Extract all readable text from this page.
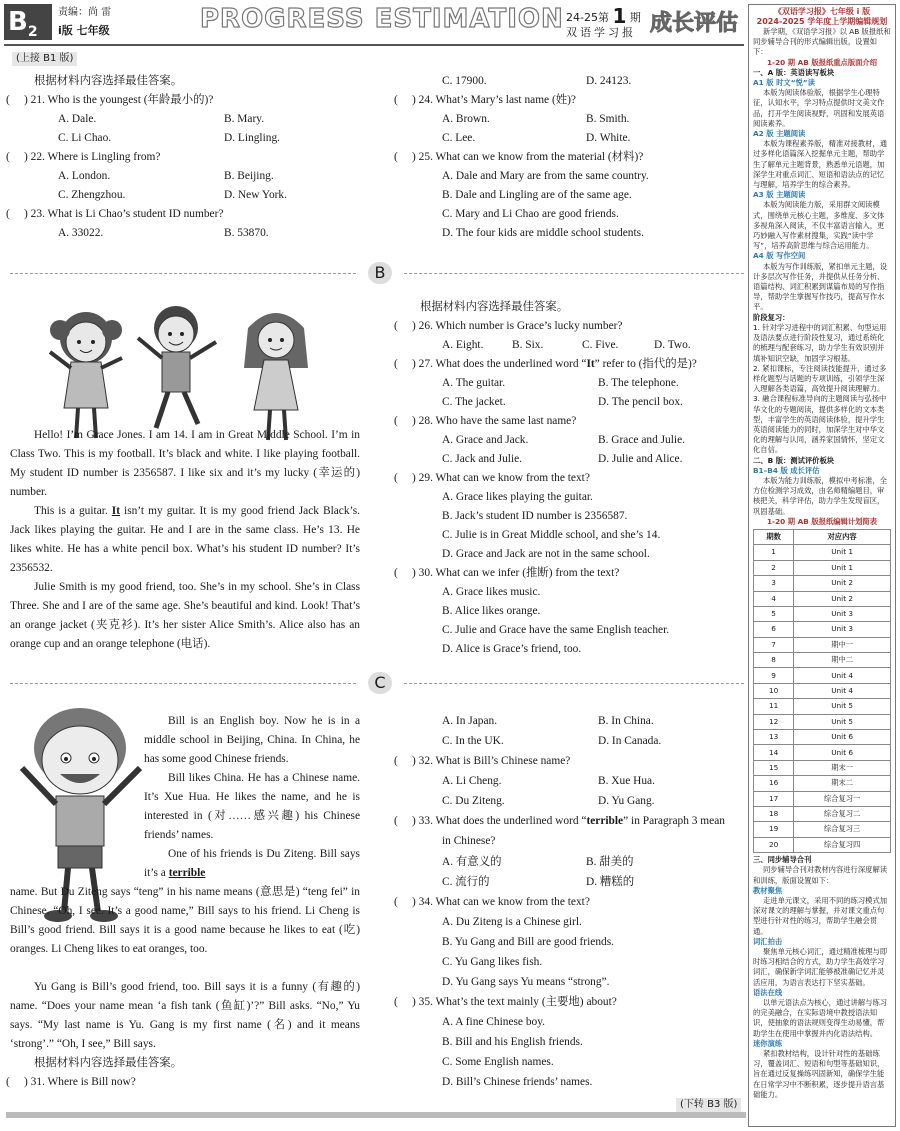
$B_2$
责编：尚 雷
i版 七年级	PROGRESS ESTIMATION 24-25第 1 期
双语学习报 成长评估
(上接 B1 版)
根据材料内容选择最佳答案。
(　 ) 21. Who is the youngest (年龄最小的)?
A. Dale.	B. Mary.
C. Li Chao.	D. Lingling.
(　 ) 22. Where is Lingling from?
A. London.	B. Beijing.
C. Zhengzhou.	D. New York.
(　 ) 23. What is Li Chao’s student ID number?
A. 33022.	B. 53870.
C. 17900.	D. 24123.
(　 ) 24. What’s Mary’s last name (姓)?
A. Brown.	B. Smith.
C. Lee.	D. White.
(　 ) 25. What can we know from the material (材料)?
A. Dale and Mary are from the same country.
B. Dale and Lingling are of the same age.
C. Mary and Li Chao are good friends.
D. The four kids are middle school students.
B
Hello! I’m Grace Jones. I am 14. I am in Great Middle School. I’m in Class Two. This is my football. It’s black and white. I like playing football. My student ID number is 2356587. I like six and it’s my lucky (幸运的) number.
This is a guitar. It isn’t my guitar. It is my good friend Jack Black’s. Jack likes playing the guitar. He and I are in the same class. He’s 13. He likes white. He has a white pencil box. What’s his student ID number? It’s 2356532.
Julie Smith is my good friend, too. She’s in my school. She’s in Class Three. She and I are of the same age. She’s beautiful and kind. Look! That’s an orange jacket (夹克衫). It’s her sister Alice Smith’s. Alice also has an orange cup and an orange telephone (电话).
根据材料内容选择最佳答案。
(　 ) 26. Which number is Grace’s lucky number?
A. Eight.	B. Six.	C. Five.	D. Two.
(　 ) 27. What does the underlined word “It” refer to (指代的是)?
A. The guitar.	B. The telephone.
C. The jacket.	D. The pencil box.
(　 ) 28. Who have the same last name?
A. Grace and Jack.	B. Grace and Julie.
C. Jack and Julie.	D. Julie and Alice.
(　 ) 29. What can we know from the text?
A. Grace likes playing the guitar.
B. Jack’s student ID number is 2356587.
C. Julie is in Great Middle school, and she’s 14.
D. Grace and Jack are not in the same school.
(　 ) 30. What can we infer (推断) from the text?
A. Grace likes music.
B. Alice likes orange.
C. Julie and Grace have the same English teacher.
D. Alice is Grace’s friend, too.
C
Bill is an English boy. Now he is in a middle school in Beijing, China. In China, he has some good Chinese friends.
Bill likes China. He has a Chinese name. It’s Xue Hua. He likes the name, and he is interested in (对……感兴趣) his Chinese friends’ names.
One of his friends is Du Ziteng. Bill says it’s a terrible
name. But Du Ziteng says “teng” in his name means (意思是) “teng fei” in Chinese. “Oh, I see. It’s a good name,” Bill says to his friend. Li Cheng is Bill’s good friend. Bill says it is a good name because he likes to eat (吃) oranges. Li Cheng likes to eat oranges, too.
Yu Gang is Bill’s good friend, too. Bill says it is a funny (有趣的) name. “Does your name mean ‘a fish tank (鱼缸)’?” Bill asks. “No,” Yu says. “My last name is Yu. Gang is my first name (名) and it means ‘strong’.” “Oh, I see,” Bill says.
根据材料内容选择最佳答案。
(　 ) 31. Where is Bill now?
A. In Japan.	B. In China.
C. In the UK.	D. In Canada.
(　 ) 32. What is Bill’s Chinese name?
A. Li Cheng.	B. Xue Hua.
C. Du Ziteng.	D. Yu Gang.
(　 ) 33. What does the underlined word “terrible” in Paragraph 3 mean
in Chinese?
A. 有意义的	B. 甜美的
C. 流行的	D. 糟糕的
(　 ) 34. What can we know from the text?
A. Du Ziteng is a Chinese girl.
B. Yu Gang and Bill are good friends.
C. Yu Gang likes fish.
D. Yu Gang says Yu means “strong”.
(　 ) 35. What’s the text mainly (主要地) about?
A. A fine Chinese boy.
B. Bill and his English friends.
C. Some English names.
D. Bill’s Chinese friends’ names.
(下转 B3 版)
《双语学习报》七年级 i 版
2024-2025 学年度上学期编辑规划
新学期，《双语学习报》以 AB 版报纸和同步辅导合刊的形式编辑出版，设置如下：
1-20 期 AB 版报纸重点版面介绍
一、A 版：英语读写板块
A1 版 时文“悦”读
本版为阅读体验版，根据学生心理特征，认知水平，学习特点提供时文美文作品，打开学生阅读视野，巩固和发展英语阅读素养。
A2 版 主题阅读
本版为课程素养版，精准对接教材，通过多样化语篇深入挖掘单元主题，帮助学生了解单元主题背景，熟悉单元语题，加深学生对重点词汇、短语和语法点的记忆与理解，培养学生的综合素养。
A3 版 主题阅读
本版为阅读能力版，采用群文阅读模式，围绕单元核心主题，多维度、多文体多视角深入阅读，不仅丰富语言输入，更巧妙融入写作素材搜集，实践“读中学写”，培养高阶思维与综合运用能力。
A4 版 写作空间
本版为写作训练版，紧扣单元主题，设计多层次写作任务，并提供从任务分析、语篇结构、词汇积累到谋篇布局的写作指导，帮助学生掌握写作技巧，提高写作水平。
阶段复习：
1. 针对学习进程中的词汇积累、句型运用及语法要点进行阶段性复习，通过系统化的梳理与配套练习，助力学生有效识别并填补知识空缺，加固学习根基。
2. 紧扣课标，专注阅读技能提升，通过多样化题型与话题的专项训练，引领学生深入理解各类语篇，高效提升阅读理解力。
3. 融合课程标准导向的主题阅读与弘扬中华文化的专题阅读，提供多样化的文本类型，丰富学生的英语阅读体验，提升学生英语阅读能力的同时，加深学生对中华文化的理解与认同，涵养家国情怀，坚定文化自信。
二、B 版：测试评价板块
B1–B4 版 成长评估
本版为能力训练版，模拟中考标准，全方位检测学习成效，由名师精编题目，审核把关，科学评估，助力学生发现盲区，巩固基础。
1-20 期 AB 版报纸编辑计划简表
期数	对应内容
1	Unit 1
2	Unit 1
3	Unit 2
4	Unit 2
5	Unit 3
6	Unit 3
7	期中一
8	期中二
9	Unit 4
10	Unit 4
11	Unit 5
12	Unit 5
13	Unit 6
14	Unit 6
15	期末一
16	期末二
17	综合复习一
18	综合复习二
19	综合复习三
20	综合复习四
三、同步辅导合刊
同步辅导合刊对教材内容进行深度解读和训练，版面设置如下：
教材聚焦
走进单元课文，采用不同的练习模式加深对课文的理解与掌握，并对课文重点句型进行针对性的练习，帮助学生融会贯通。
词汇拍击
聚焦单元核心词汇，通过精准梳理与即时练习相结合的方式，助力学生高效学习词汇，确保新学词汇能够被准确记忆并灵活应用，为语言表达打下坚实基础。
语法在线
以单元语法点为核心，通过讲解与练习的完美融合，在实际语境中教授语法知识，使抽象的语法规则变得生动易懂，帮助学生在使用中掌握并内化语法结构。
迷你演练
紧扣教材结构，设计针对性的基础练习，覆盖词汇、短语和句型等基础知识，旨在通过反复操练巩固新知，确保学生能在日常学习中不断积累，逐步提升语言基础能力。
